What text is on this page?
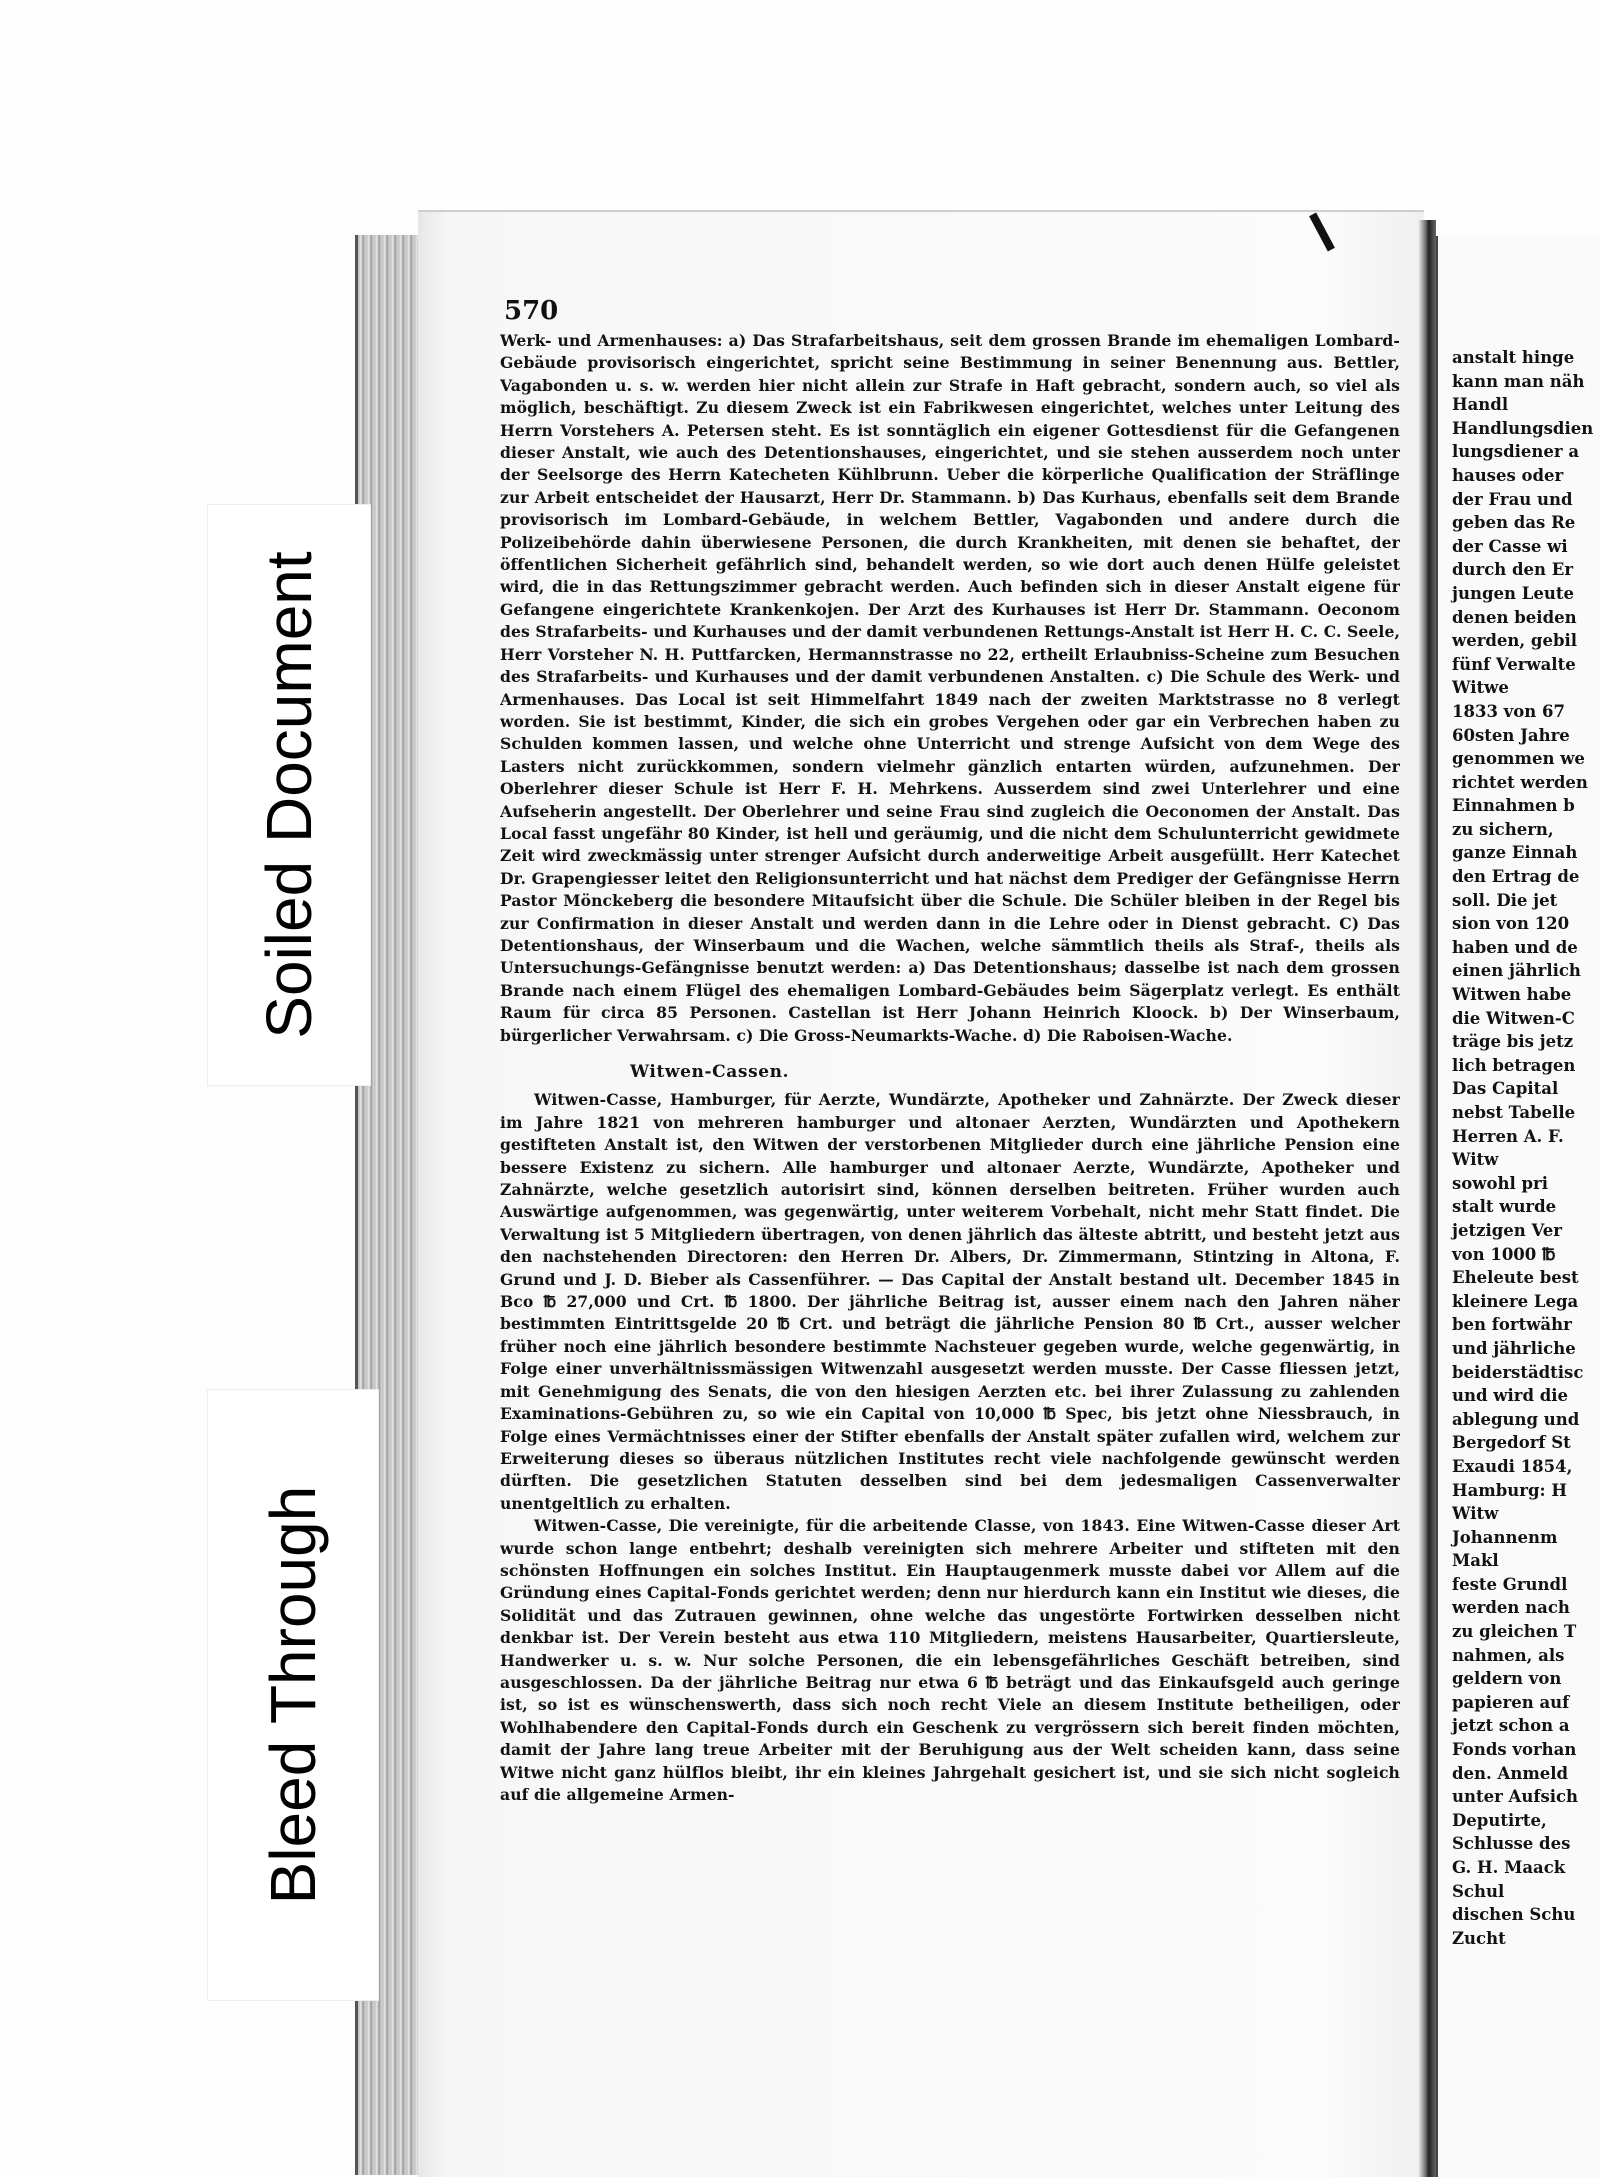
570

Werk- und Armenhauses: a) Das Strafarbeitshaus, seit dem grossen Brande im ehemaligen Lombard-Gebäude provisorisch eingerichtet, spricht seine Bestimmung in seiner Benennung aus. Bettler, Vagabonden u. s. w. werden hier nicht allein zur Strafe in Haft gebracht, sondern auch, so viel als möglich, beschäftigt. Zu diesem Zweck ist ein Fabrikwesen eingerichtet, welches unter Leitung des Herrn Vorstehers A. Petersen steht. Es ist sonntäglich ein eigener Gottesdienst für die Gefangenen dieser Anstalt, wie auch des Detentionshauses, eingerichtet, und sie stehen ausserdem noch unter der Seelsorge des Herrn Katecheten Kühlbrunn. Ueber die körperliche Qualification der Sträflinge zur Arbeit entscheidet der Hausarzt, Herr Dr. Stammann. b) Das Kurhaus, ebenfalls seit dem Brande provisorisch im Lombard-Gebäude, in welchem Bettler, Vagabonden und andere durch die Polizeibehörde dahin überwiesene Personen, die durch Krankheiten, mit denen sie behaftet, der öffentlichen Sicherheit gefährlich sind, behandelt werden, so wie dort auch denen Hülfe geleistet wird, die in das Rettungszimmer gebracht werden. Auch befinden sich in dieser Anstalt eigene für Gefangene eingerichtete Krankenkojen. Der Arzt des Kurhauses ist Herr Dr. Stammann. Oeconom des Strafarbeits- und Kurhauses und der damit verbundenen Rettungs-Anstalt ist Herr H. C. C. Seele, Herr Vorsteher N. H. Puttfarcken, Hermannstrasse no 22, ertheilt Erlaubniss-Scheine zum Besuchen des Strafarbeits- und Kurhauses und der damit verbundenen Anstalten. c) Die Schule des Werk- und Armenhauses. Das Local ist seit Himmelfahrt 1849 nach der zweiten Marktstrasse no 8 verlegt worden. Sie ist bestimmt, Kinder, die sich ein grobes Vergehen oder gar ein Verbrechen haben zu Schulden kommen lassen, und welche ohne Unterricht und strenge Aufsicht von dem Wege des Lasters nicht zurückkommen, sondern vielmehr gänzlich entarten würden, aufzunehmen. Der Oberlehrer dieser Schule ist Herr F. H. Mehrkens. Ausserdem sind zwei Unterlehrer und eine Aufseherin angestellt. Der Oberlehrer und seine Frau sind zugleich die Oeconomen der Anstalt. Das Local fasst ungefähr 80 Kinder, ist hell und geräumig, und die nicht dem Schulunterricht gewidmete Zeit wird zweckmässig unter strenger Aufsicht durch anderweitige Arbeit ausgefüllt. Herr Katechet Dr. Grapengiesser leitet den Religionsunterricht und hat nächst dem Prediger der Gefängnisse Herrn Pastor Mönckeberg die besondere Mitaufsicht über die Schule. Die Schüler bleiben in der Regel bis zur Confirmation in dieser Anstalt und werden dann in die Lehre oder in Dienst gebracht. C) Das Detentionshaus, der Winserbaum und die Wachen, welche sämmtlich theils als Straf-, theils als Untersuchungs-Gefängnisse benutzt werden: a) Das Detentionshaus; dasselbe ist nach dem grossen Brande nach einem Flügel des ehemaligen Lombard-Gebäudes beim Sägerplatz verlegt. Es enthält Raum für circa 85 Personen. Castellan ist Herr Johann Heinrich Kloock. b) Der Winserbaum, bürgerlicher Verwahrsam. c) Die Gross-Neumarkts-Wache. d) Die Raboisen-Wache.

Witwen-Cassen.

Witwen-Casse, Hamburger, für Aerzte, Wundärzte, Apotheker und Zahnärzte. Der Zweck dieser im Jahre 1821 von mehreren hamburger und altonaer Aerzten, Wundärzten und Apothekern gestifteten Anstalt ist, den Witwen der verstorbenen Mitglieder durch eine jährliche Pension eine bessere Existenz zu sichern. Alle hamburger und altonaer Aerzte, Wundärzte, Apotheker und Zahnärzte, welche gesetzlich autorisirt sind, können derselben beitreten. Früher wurden auch Auswärtige aufgenommen, was gegenwärtig, unter weiterem Vorbehalt, nicht mehr Statt findet. Die Verwaltung ist 5 Mitgliedern übertragen, von denen jährlich das älteste abtritt, und besteht jetzt aus den nachstehenden Directoren: den Herren Dr. Albers, Dr. Zimmermann, Stintzing in Altona, F. Grund und J. D. Bieber als Cassenführer. — Das Capital der Anstalt bestand ult. December 1845 in Bco ℔ 27,000 und Crt. ℔ 1800. Der jährliche Beitrag ist, ausser einem nach den Jahren näher bestimmten Eintrittsgelde 20 ℔ Crt. und beträgt die jährliche Pension 80 ℔ Crt., ausser welcher früher noch eine jährlich besondere bestimmte Nachsteuer gegeben wurde, welche gegenwärtig, in Folge einer unverhältnissmässigen Witwenzahl ausgesetzt werden musste. Der Casse fliessen jetzt, mit Genehmigung des Senats, die von den hiesigen Aerzten etc. bei ihrer Zulassung zu zahlenden Examinations-Gebühren zu, so wie ein Capital von 10,000 ℔ Spec, bis jetzt ohne Niessbrauch, in Folge eines Vermächtnisses einer der Stifter ebenfalls der Anstalt später zufallen wird, welchem zur Erweiterung dieses so überaus nützlichen Institutes recht viele nachfolgende gewünscht werden dürften. Die gesetzlichen Statuten desselben sind bei dem jedesmaligen Cassenverwalter unentgeltlich zu erhalten.

Witwen-Casse, Die vereinigte, für die arbeitende Classe, von 1843. Eine Witwen-Casse dieser Art wurde schon lange entbehrt; deshalb vereinigten sich mehrere Arbeiter und stifteten mit den schönsten Hoffnungen ein solches Institut. Ein Hauptaugenmerk musste dabei vor Allem auf die Gründung eines Capital-Fonds gerichtet werden; denn nur hierdurch kann ein Institut wie dieses, die Solidität und das Zutrauen gewinnen, ohne welche das ungestörte Fortwirken desselben nicht denkbar ist. Der Verein besteht aus etwa 110 Mitgliedern, meistens Hausarbeiter, Quartiersleute, Handwerker u. s. w. Nur solche Personen, die ein lebensgefährliches Geschäft betreiben, sind ausgeschlossen. Da der jährliche Beitrag nur etwa 6 ℔ beträgt und das Einkaufsgeld auch geringe ist, so ist es wünschenswerth, dass sich noch recht Viele an diesem Institute betheiligen, oder Wohlhabendere den Capital-Fonds durch ein Geschenk zu vergrössern sich bereit finden möchten, damit der Jahre lang treue Arbeiter mit der Beruhigung aus der Welt scheiden kann, dass seine Witwe nicht ganz hülflos bleibt, ihr ein kleines Jahrgehalt gesichert ist, und sie sich nicht sogleich auf die allgemeine Armen-

anstalt hinge
kann man näh
Handl
Handlungsdien
lungsdiener a
hauses oder
der Frau und
geben das Re
der Casse wi
durch den Er
jungen Leute
denen beiden
werden, gebil
fünf Verwalte
Witwe
1833 von 67
60sten Jahre
genommen we
richtet werden
Einnahmen b
zu sichern,
ganze Einnah
den Ertrag de
soll. Die jet
sion von 120
haben und de
einen jährlich
Witwen habe
die Witwen-C
träge bis jetz
lich betragen
Das Capital
nebst Tabelle
Herren A. F.
Witw
sowohl pri
stalt wurde
jetzigen Ver
von 1000 ℔
Eheleute best
kleinere Lega
ben fortwähr
und jährliche
beiderstädtisc
und wird die
ablegung und
Bergedorf St
Exaudi 1854,
Hamburg: H
Witw
Johannenm
Makl
feste Grundl
werden nach
zu gleichen T
nahmen, als
geldern von
papieren auf
jetzt schon a
Fonds vorhan
den. Anmeld
unter Aufsich
Deputirte,
Schlusse des
G. H. Maack
Schul
dischen Schu
Zucht
Soiled Document
Bleed Through
